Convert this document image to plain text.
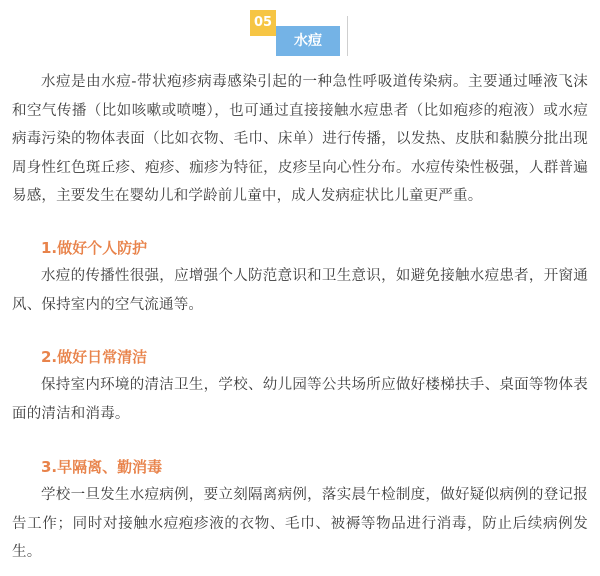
05
水痘

水痘是由水痘-带状疱疹病毒感染引起的一种急性呼吸道传染病。主要通过唾液飞沫和空气传播（比如咳嗽或喷嚏），也可通过直接接触水痘患者（比如疱疹的疱液）或水痘病毒污染的物体表面（比如衣物、毛巾、床单）进行传播，以发热、皮肤和黏膜分批出现周身性红色斑丘疹、疱疹、痂疹为特征，皮疹呈向心性分布。水痘传染性极强，人群普遍易感，主要发生在婴幼儿和学龄前儿童中，成人发病症状比儿童更严重。

1.做好个人防护

水痘的传播性很强，应增强个人防范意识和卫生意识，如避免接触水痘患者，开窗通风、保持室内的空气流通等。

2.做好日常清洁

保持室内环境的清洁卫生，学校、幼儿园等公共场所应做好楼梯扶手、桌面等物体表面的清洁和消毒。

3.早隔离、勤消毒

学校一旦发生水痘病例，要立刻隔离病例，落实晨午检制度，做好疑似病例的登记报告工作；同时对接触水痘疱疹液的衣物、毛巾、被褥等物品进行消毒，防止后续病例发生。
